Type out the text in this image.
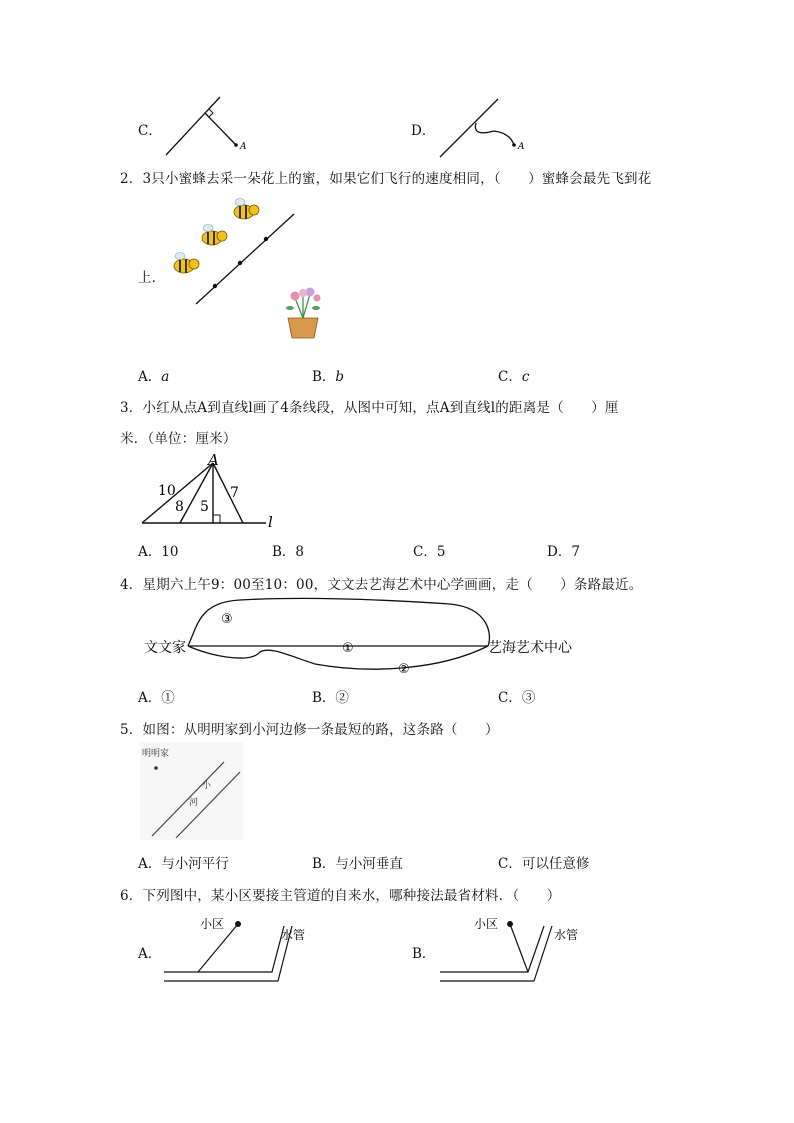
C．
A
D．
A
2．3只小蜜蜂去采一朵花上的蜜，如果它们飞行的速度相同，（　　）蜜蜂会最先飞到花
上．
A．a	B．b	C．c
3．小红从点A到直线l画了4条线段，从图中可知，点A到直线l的距离是（　　）厘
米．（单位：厘米）
A
l
10
8 5
7
A．10	B．8	C．5	D．7
4．星期六上午9：00至10：00，文文去艺海艺术中心学画画，走（　　）条路最近。
文文家	艺海艺术中心
①
②
③
A．①	B．②	C．③
5．如图：从明明家到小河边修一条最短的路，这条路（　　）
明明家
小
河
A．与小河平行	B．与小河垂直	C．可以任意修
6．下列图中，某小区要接主管道的自来水，哪种接法最省材料．（　　）
A．
小区
水管
B．
小区
水管
